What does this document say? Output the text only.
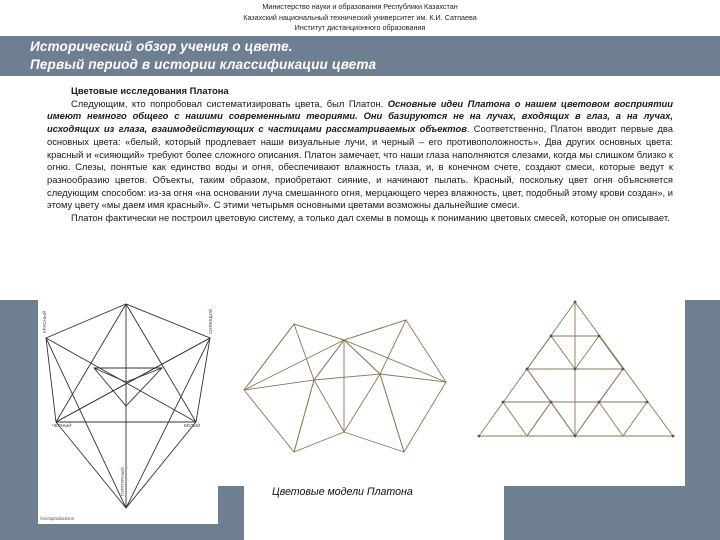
Министерство науки и образования Республики Казахстан
Казахский национальный технический университет им. К.И. Сатпаева
Институт дистанционного образования
Исторический обзор учения о цвете.
Первый период в истории классификации цвета

Цветовые исследования Платона

Следующим, кто попробовал систематизировать цвета, был Платон. Основные идеи Платона о нашем цветовом восприятии имеют немного общего с нашими современными теориями. Они базируются не на лучах, входящих в глаз, а на лучах, исходящих из глаза, взаимодействующих с частицами рассматриваемых объектов. Соответственно, Платон вводит первые два основных цвета: «белый, который продлевает наши визуальные лучи, и черный – его противоположность». Два других основных цвета: красный и «сияющий» требуют более сложного описания. Платон замечает, что наши глаза наполняются слезами, когда мы слишком близко к огню. Слезы, понятые как единство воды и огня, обеспечивают влажность глаза, и, в конечном счете, создают смеси, которые ведут к разнообразию цветов. Объекты, таким образом, приобретают сияние, и начинают пылать. Красный, поскольку цвет огня объясняется следующим способом: из-за огня «на основании луча смешанного огня, мерцающего через влажность, цвет, подобный этому крови создан», и этому цвету «мы даем имя красный». С этими четырьмя основными цветами возможны дальнейшие смеси.

Платон фактически не построил цветовую систему, а только дал схемы в помощь к пониманию цветовых смесей, которые он описывает.

КРАСНЫЙ	СИЯЮЩИЙ
ЧЁРНЫЙ	БЕЛЫЙ
ПУРПУРНЫЙ
©echoproductions
Цветовые модели Платона
